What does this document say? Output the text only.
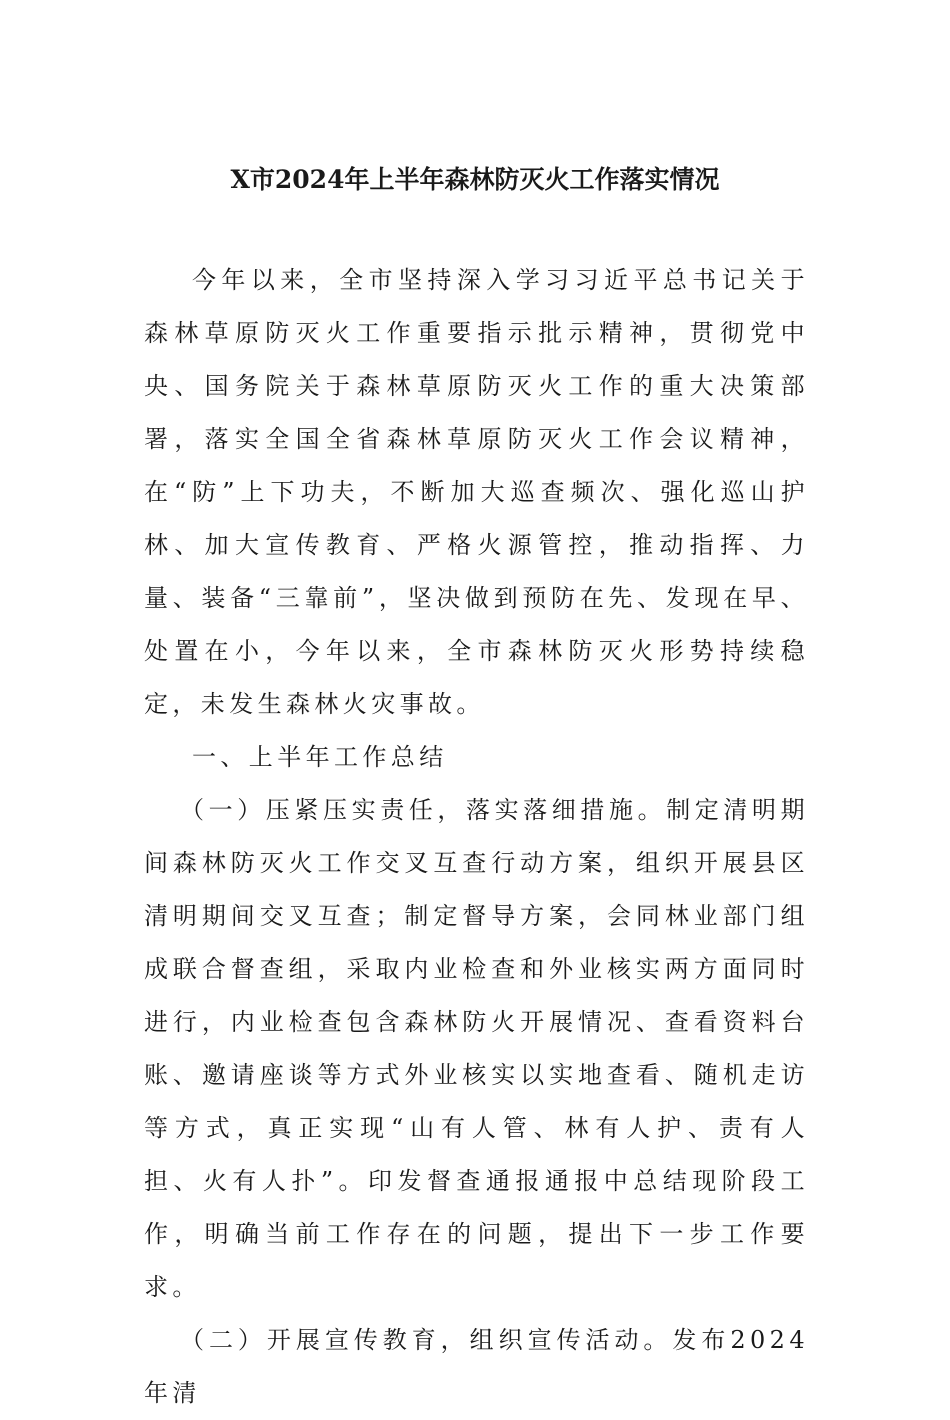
X市2024年上半年森林防灭火工作落实情况

今年以来，全市坚持深入学习习近平总书记关于森林草原防灭火工作重要指示批示精神，贯彻党中央、国务院关于森林草原防灭火工作的重大决策部署，落实全国全省森林草原防灭火工作会议精神，在“防”上下功夫，不断加大巡查频次、强化巡山护林、加大宣传教育、严格火源管控，推动指挥、力量、装备“三靠前”，坚决做到预防在先、发现在早、处置在小，今年以来，全市森林防灭火形势持续稳定，未发生森林火灾事故。

一、上半年工作总结

（一）压紧压实责任，落实落细措施。制定清明期间森林防灭火工作交叉互查行动方案，组织开展县区清明期间交叉互查；制定督导方案，会同林业部门组成联合督查组，采取内业检查和外业核实两方面同时进行，内业检查包含森林防火开展情况、查看资料台账、邀请座谈等方式外业核实以实地查看、随机走访等方式，真正实现“山有人管、林有人护、责有人担、火有人扑”。印发督查通报通报中总结现阶段工作，明确当前工作存在的问题，提出下一步工作要求。

（二）开展宣传教育，组织宣传活动。发布2024年清
